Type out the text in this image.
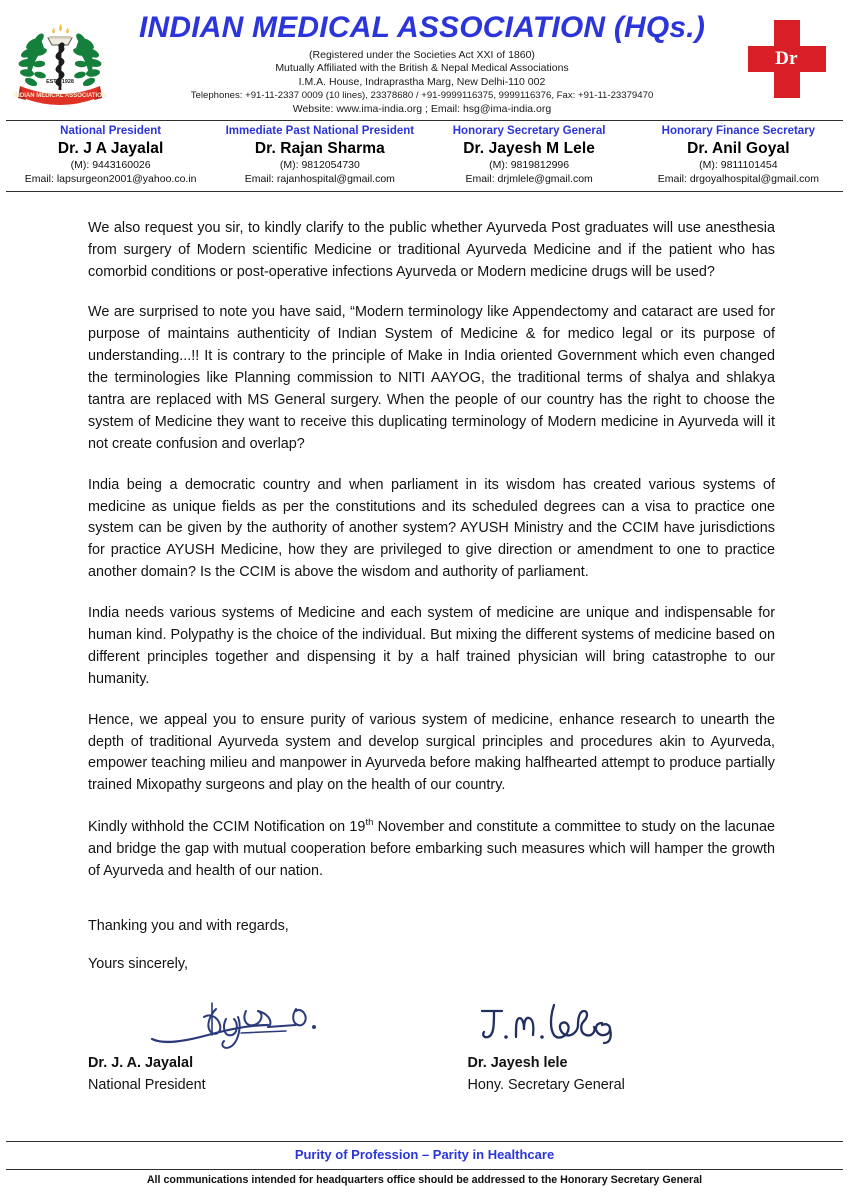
INDIAN MEDICAL ASSOCIATION
ESTD 1928
INDIAN MEDICAL ASSOCIATION (HQs.)
(Registered under the Societies Act XXI of 1860)
Mutually Affiliated with the British & Nepal Medical Associations
I.M.A. House, Indraprastha Marg, New Delhi-110 002
Telephones: +91-11-2337 0009 (10 lines), 23378680 / +91-9999116375, 9999116376, Fax: +91-11-23379470
Website: www.ima-india.org ; Email: hsg@ima-india.org
Dr
National President
Dr. J A Jayalal
(M): 9443160026
Email: lapsurgeon2001@yahoo.co.in
Immediate Past National President
Dr. Rajan Sharma
(M): 9812054730
Email: rajanhospital@gmail.com
Honorary Secretary General
Dr. Jayesh M Lele
(M): 9819812996
Email: drjmlele@gmail.com
Honorary Finance Secretary
Dr. Anil Goyal
(M): 9811101454
Email: drgoyalhospital@gmail.com

We also request you sir, to kindly clarify to the public whether Ayurveda Post graduates will use anesthesia from surgery of Modern scientific Medicine or traditional Ayurveda Medicine and if the patient who has comorbid conditions or post-operative infections Ayurveda or Modern medicine drugs will be used?

We are surprised to note you have said, “Modern terminology like Appendectomy and cataract are used for purpose of maintains authenticity of Indian System of Medicine & for medico legal or its purpose of understanding...!! It is contrary to the principle of Make in India oriented Government which even changed the terminologies like Planning commission to NITI AAYOG, the traditional terms of shalya and shlakya tantra are replaced with MS General surgery. When the people of our country has the right to choose the system of Medicine they want to receive this duplicating terminology of Modern medicine in Ayurveda will it not create confusion and overlap?

India being a democratic country and when parliament in its wisdom has created various systems of medicine as unique fields as per the constitutions and its scheduled degrees can a visa to practice one system can be given by the authority of another system? AYUSH Ministry and the CCIM have jurisdictions for practice AYUSH Medicine, how they are privileged to give direction or amendment to one to practice another domain? Is the CCIM is above the wisdom and authority of parliament.

India needs various systems of Medicine and each system of medicine are unique and indispensable for human kind. Polypathy is the choice of the individual. But mixing the different systems of medicine based on different principles together and dispensing it by a half trained physician will bring catastrophe to our humanity.

Hence, we appeal you to ensure purity of various system of medicine, enhance research to unearth the depth of traditional Ayurveda system and develop surgical principles and procedures akin to Ayurveda, empower teaching milieu and manpower in Ayurveda before making halfhearted attempt to produce partially trained Mixopathy surgeons and play on the health of our country.

Kindly withhold the CCIM Notification on 19th November and constitute a committee to study on the lacunae and bridge the gap with mutual cooperation before embarking such measures which will hamper the growth of Ayurveda and health of our nation.

Thanking you and with regards,

Yours sincerely,

Dr. J. A. Jayalal
National President
Dr. Jayesh lele
Hony. Secretary General
Purity of Profession – Parity in Healthcare
All communications intended for headquarters office should be addressed to the Honorary Secretary General
